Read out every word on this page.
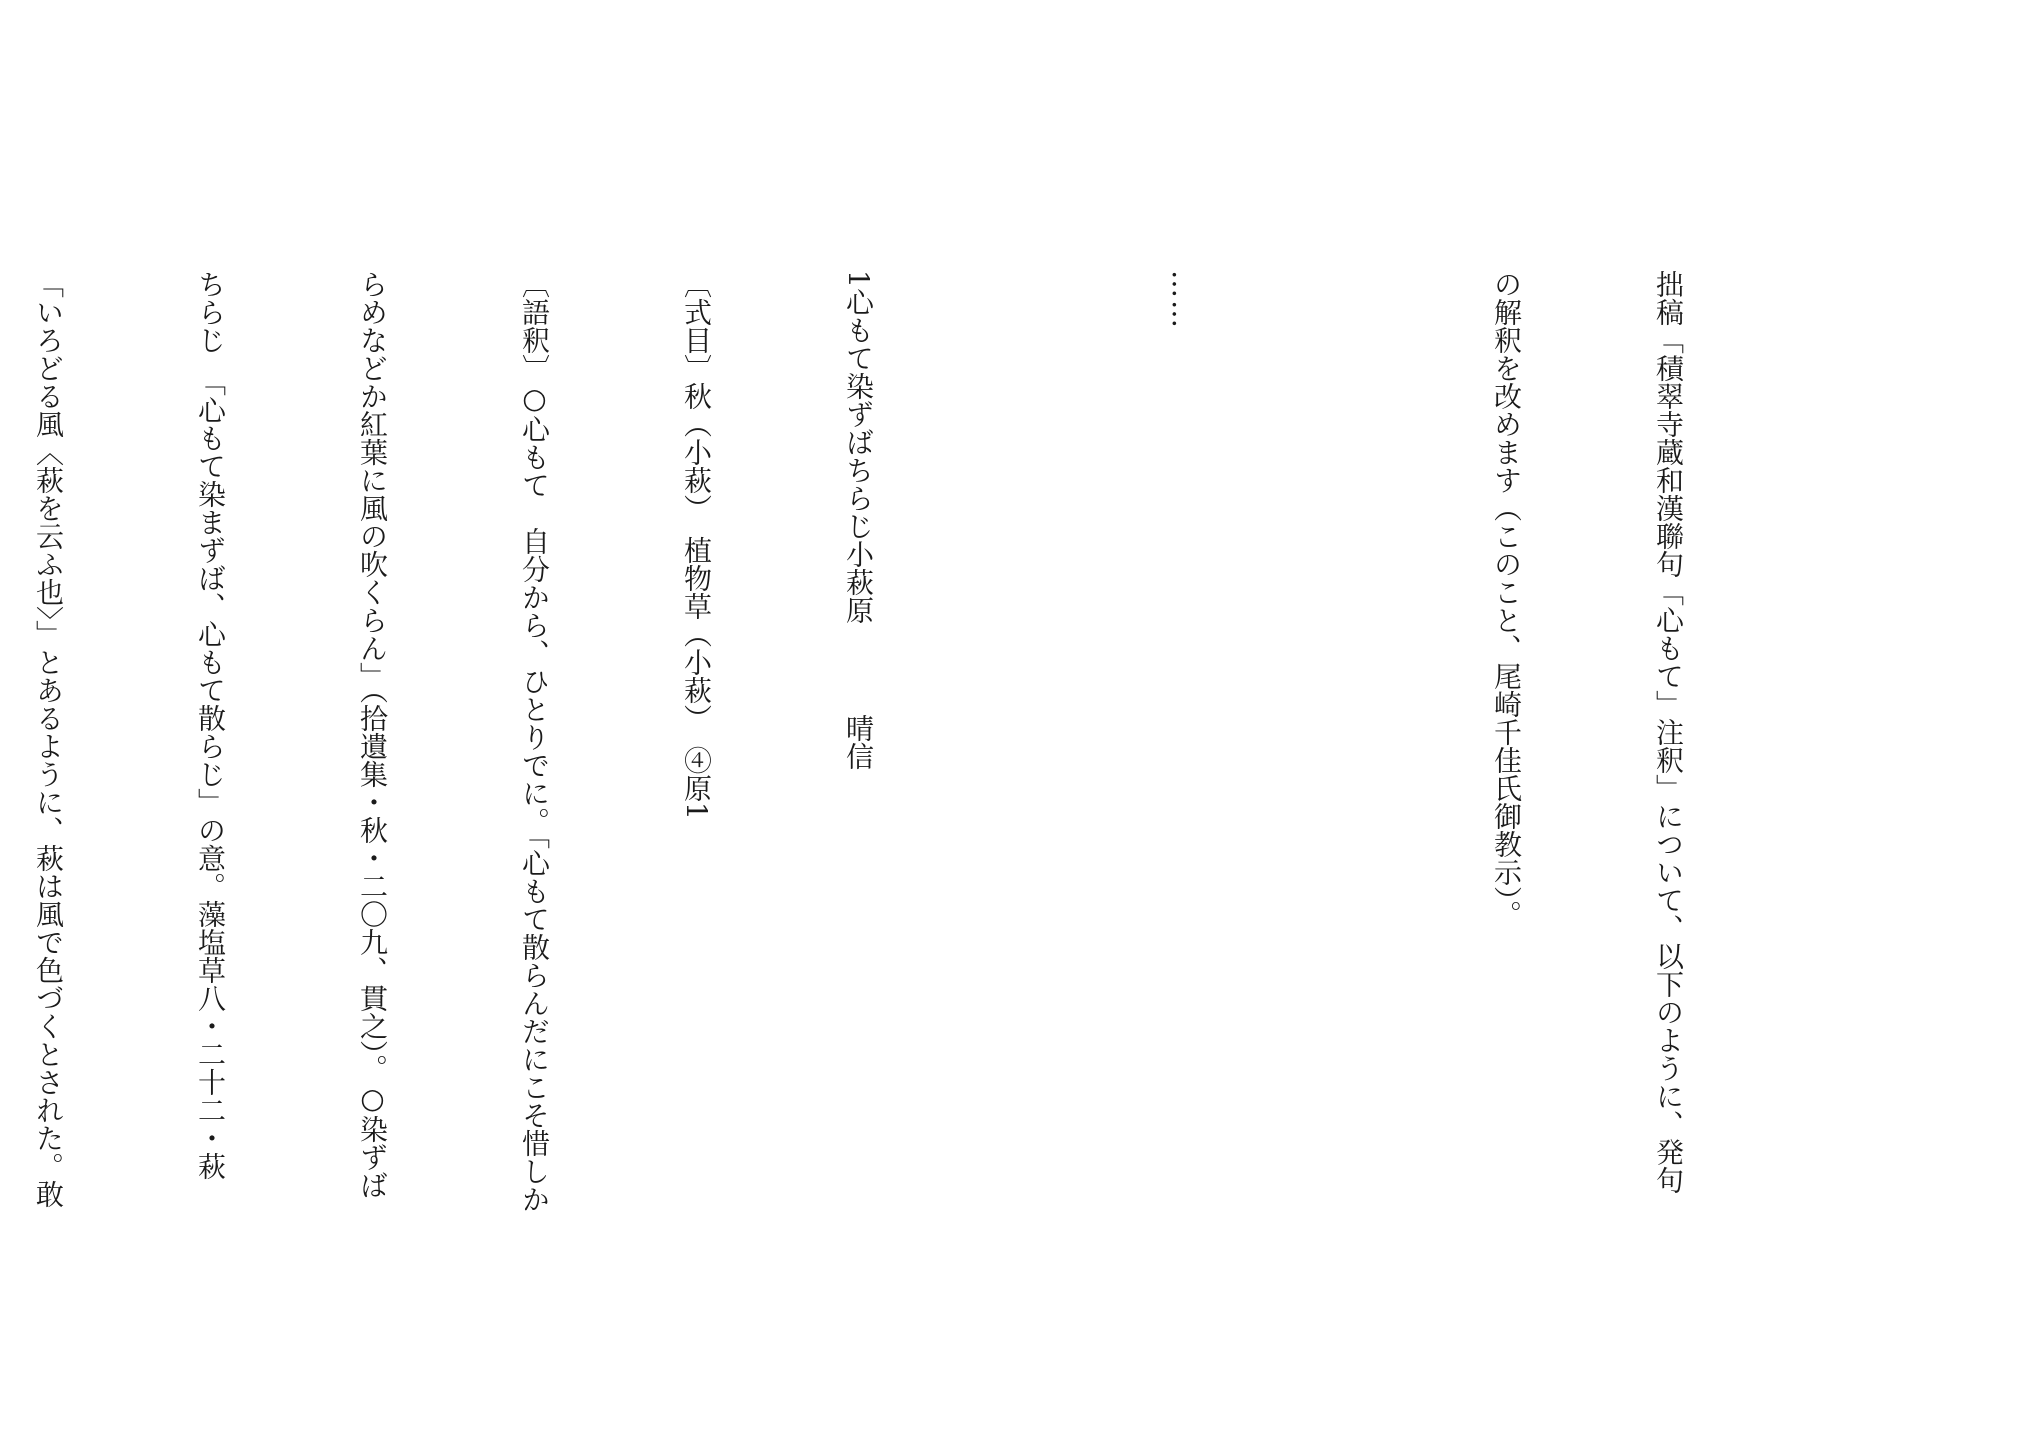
拙稿「積翠寺蔵和漢聯句「心もて」注釈」について、以下のように、発句

の解釈を改めます（このこと、尾崎千佳氏御教示）。

……

1心もて染ずばちらじ小萩原晴信

〔式目〕秋（小萩）　植物草（小萩）　④原1

〔語釈〕○心もて　自分から、ひとりでに。「心もて散らんだにこそ惜しか

らめなどか紅葉に風の吹くらん」（拾遺集・秋・二〇九、貫之）。○染ずば

ちらじ　「心もて染まずば、心もて散らじ」の意。藻塩草八・二十二・萩

「いろどる風〈萩を云ふ也〉」とあるように、萩は風で色づくとされた。敢
